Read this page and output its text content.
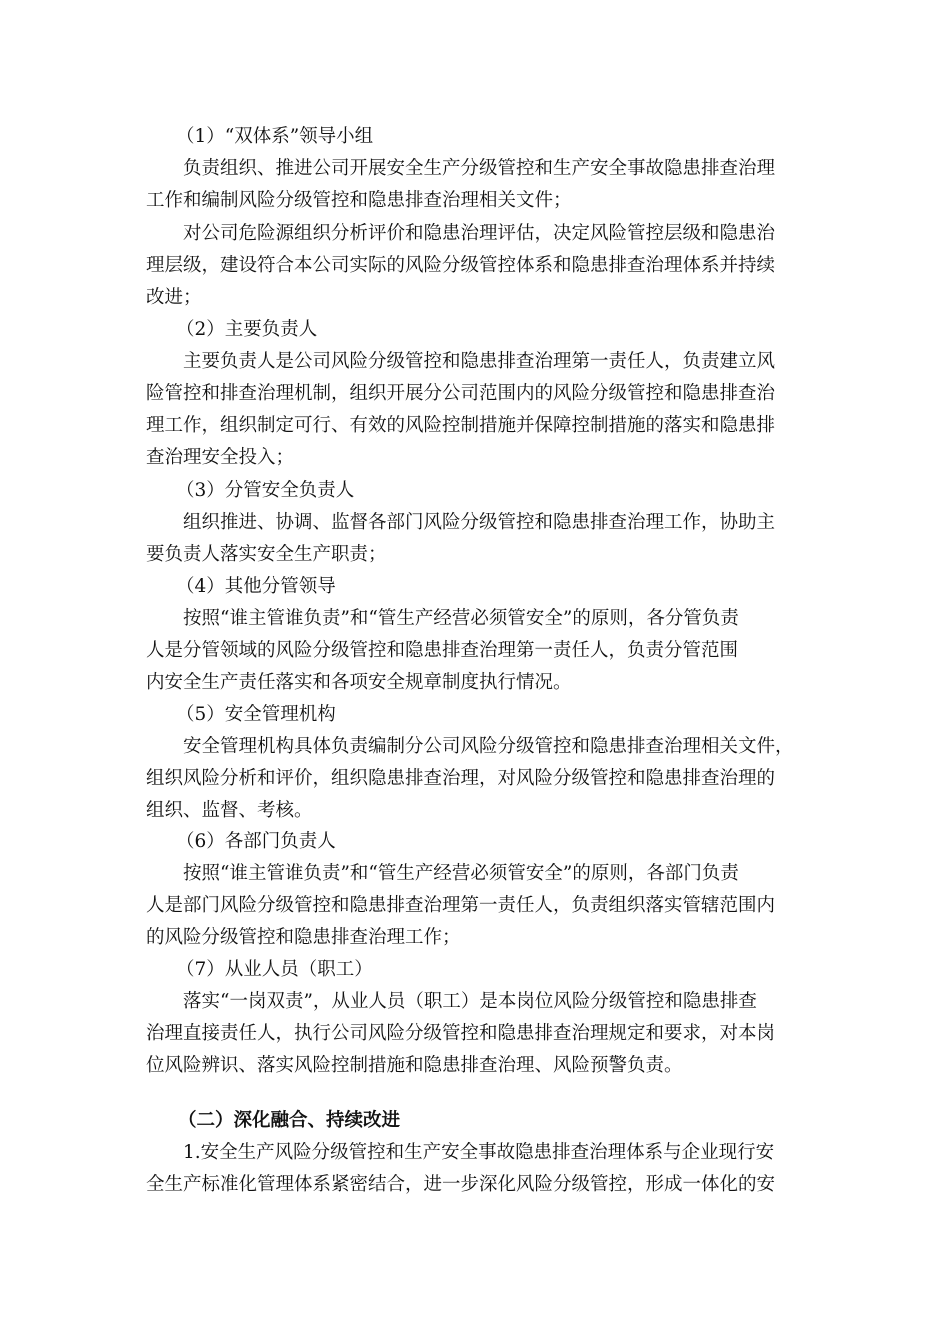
（1）“双体系”领导小组
负责组织、推进公司开展安全生产分级管控和生产安全事故隐患排查治理
工作和编制风险分级管控和隐患排查治理相关文件；
对公司危险源组织分析评价和隐患治理评估，决定风险管控层级和隐患治
理层级，建设符合本公司实际的风险分级管控体系和隐患排查治理体系并持续
改进；
（2）主要负责人
主要负责人是公司风险分级管控和隐患排查治理第一责任人，负责建立风
险管控和排查治理机制，组织开展分公司范围内的风险分级管控和隐患排查治
理工作，组织制定可行、有效的风险控制措施并保障控制措施的落实和隐患排
查治理安全投入；
（3）分管安全负责人
组织推进、协调、监督各部门风险分级管控和隐患排查治理工作，协助主
要负责人落实安全生产职责；
（4）其他分管领导
按照“谁主管谁负责”和“管生产经营必须管安全”的原则，各分管负责
人是分管领域的风险分级管控和隐患排查治理第一责任人，负责分管范围
内安全生产责任落实和各项安全规章制度执行情况。
（5）安全管理机构
安全管理机构具体负责编制分公司风险分级管控和隐患排查治理相关文件，
组织风险分析和评价，组织隐患排查治理，对风险分级管控和隐患排查治理的
组织、监督、考核。
（6）各部门负责人
按照“谁主管谁负责”和“管生产经营必须管安全”的原则，各部门负责
人是部门风险分级管控和隐患排查治理第一责任人，负责组织落实管辖范围内
的风险分级管控和隐患排查治理工作；
（7）从业人员（职工）
落实“一岗双责”，从业人员（职工）是本岗位风险分级管控和隐患排查
治理直接责任人，执行公司风险分级管控和隐患排查治理规定和要求，对本岗
位风险辨识、落实风险控制措施和隐患排查治理、风险预警负责。
（二）深化融合、持续改进
1.安全生产风险分级管控和生产安全事故隐患排查治理体系与企业现行安
全生产标准化管理体系紧密结合，进一步深化风险分级管控，形成一体化的安
